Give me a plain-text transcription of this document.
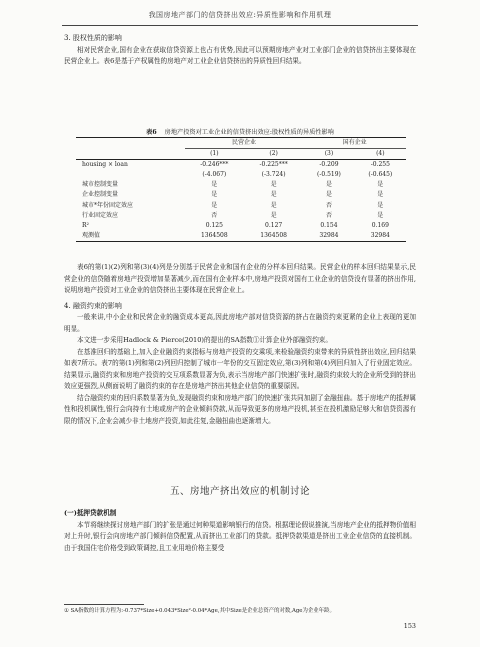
我国房地产部门的信贷挤出效应:异质性影响和作用机理

3. 股权性质的影响

相对民营企业,国有企业在获取信贷资源上也占有优势,因此可以预期房地产业对工业部门企业的信贷挤出主要体现在民营企业上。表6是基于产权属性的房地产对工业企业信贷挤出的异质性回归结果。

表6 房地产投资对工业企业的信贷挤出效应:股权性质的异质性影响
	民营企业		国有企业	
	(1)	(2)	(3)	(4)
housing × loan	-0.246***	-0.225***	-0.209	-0.255
	(-4.067)	(-3.724)	(-0.519)	(-0.645)
城市控制变量	是	是	是	是
企业控制变量	是	是	是	是
城市*年份固定效应	是	是	否	是
行业固定效应	否	是	否	是
R²	0.125	0.127	0.154	0.169
观测值	1364508	1364508	32984	32984

表6的第(1)(2)列和第(3)(4)列是分别基于民营企业和国有企业的分样本回归结果。民营企业的样本回归结果显示,民营企业的信贷随着房地产投资增加显著减少,而在国有企业样本中,房地产投资对国有工业企业的信贷没有显著的挤出作用,说明房地产投资对工业企业的信贷挤出主要体现在民营企业上。

4. 融资约束的影响

一般来讲,中小企业和民营企业的融资成本更高,因此房地产部对信贷资源的挤占在融资约束更紧的企业上表现的更加明显。

本文进一步采用Hadlock & Pierce(2010)的提出的SA指数①计算企业外部融资约束。

在基准回归的基础上,加入企业融资约束指标与房地产投资的交乘项,来检验融资约束带来的异质性挤出效应,回归结果如表7所示。表7的第(1)列和第(2)列回归控制了城市一年份的交互固定效应,第(3)列和第(4)列回归加入了行业固定效应。结果显示,融资约束和房地产投资的交互项系数显著为负,表示当房地产部门快速扩张时,融资约束较大的企业所受到的挤出效应更强烈,从侧面说明了融资约束的存在是房地产挤出其他企业信贷的重要原因。

结合融资约束的回归系数显著为负,发现融资约束和房地产部门的快速扩张共同加剧了金融扭曲。基于房地产的抵押属性和投机属性,银行会向持有土地或房产的企业倾斜贷款,从而导致更多的房地产投机,甚至在投机激励足够大和信贷资源有限的情况下,企业会减少非土地房产投资,如此往复,金融扭曲也逐渐增大。

五、房地产挤出效应的机制讨论

(一)抵押贷款机制

本节将继续探讨房地产部门的扩张是通过何种渠道影响银行的信贷。根据理论假说推演,当房地产企业的抵押物价值相对上升时,银行会向房地产部门倾斜信贷配置,从而挤出工业部门的贷款。抵押贷款渠道是挤出工业企业信贷的直接机制。由于我国住宅价格受到政策调控,且工业用地价格主要受

① SA指数的计算方程为:-0.737*Size+0.043*Size²-0.04*Age,其中Size是企业总资产的对数,Age为企业年龄。
153
